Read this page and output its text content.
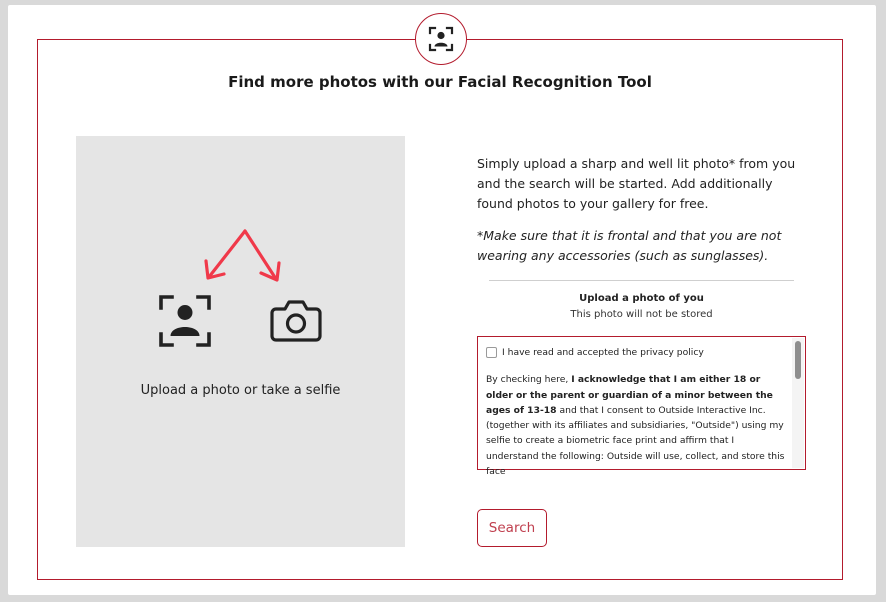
Find more photos with our Facial Recognition Tool
Upload a photo or take a selfie

Simply upload a sharp and well lit photo* from you and the search will be started. Add additionally found photos to your gallery for free.

*Make sure that it is frontal and that you are not wearing any accessories (such as sunglasses).

Upload a photo of you
This photo will not be stored
I have read and accepted the privacy policy

By checking here, I acknowledge that I am either 18 or older or the parent or guardian of a minor between the ages of 13-18 and that I consent to Outside Interactive Inc. (together with its affiliates and subsidiaries, "Outside") using my selfie to create a biometric face print and affirm that I understand the following: Outside will use, collect, and store this face

Search
